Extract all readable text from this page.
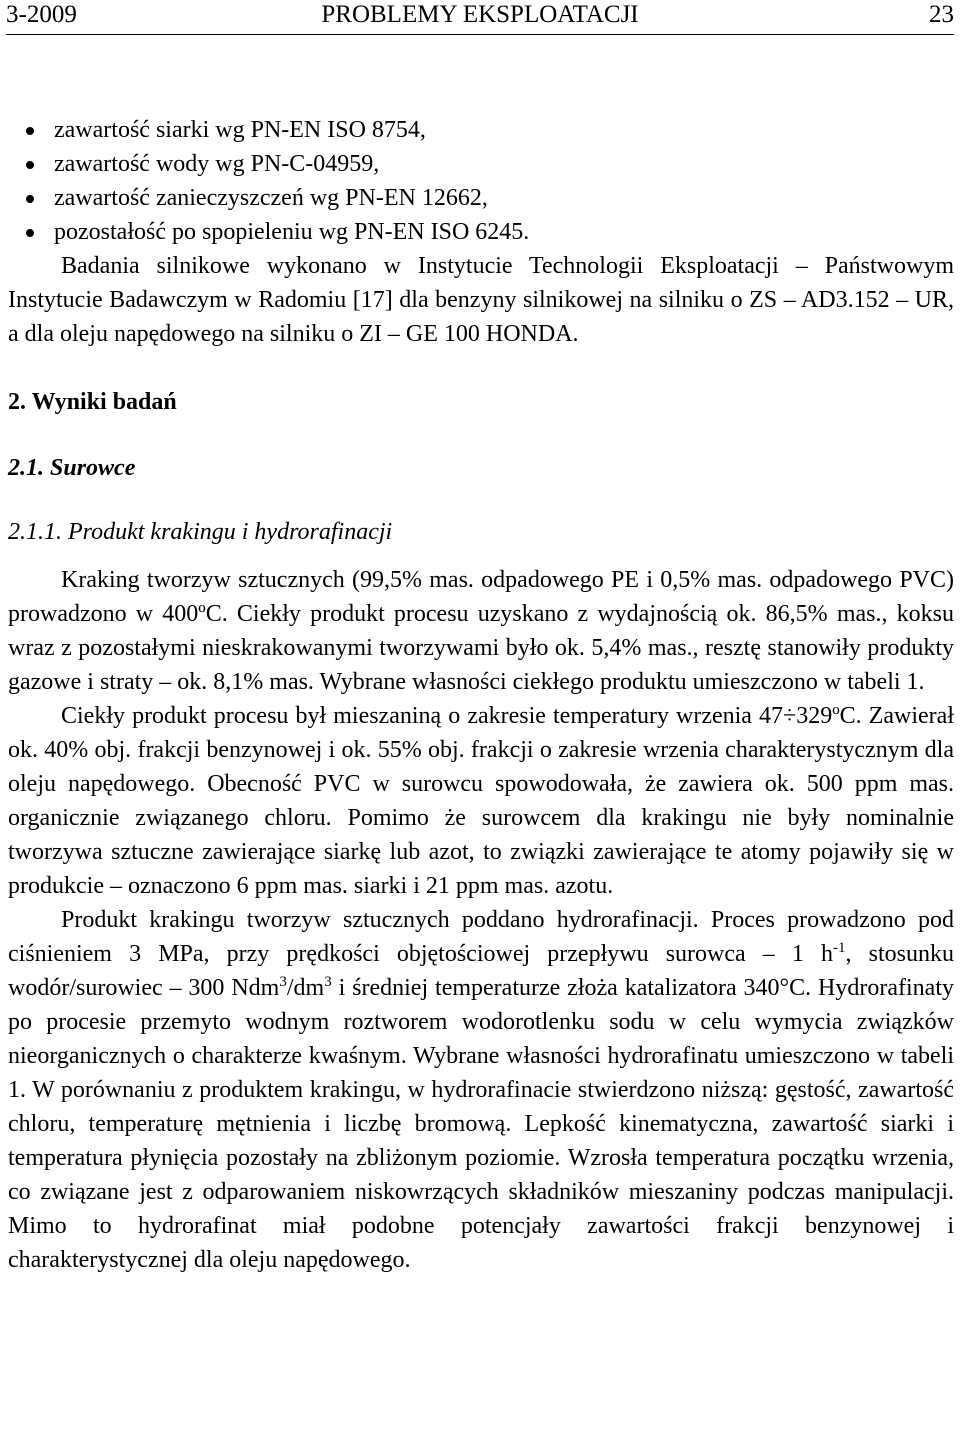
3-2009	PROBLEMY EKSPLOATACJI	23
zawartość siarki wg PN-EN ISO 8754,
zawartość wody wg PN-C-04959,
zawartość zanieczyszczeń wg PN-EN 12662,
pozostałość po spopieleniu wg PN-EN ISO 6245.

Badania silnikowe wykonano w Instytucie Technologii Eksploatacji – Państwowym Instytucie Badawczym w Radomiu [17] dla benzyny silnikowej na silniku o ZS – AD3.152 – UR, a dla oleju napędowego na silniku o ZI – GE 100 HONDA.

2. Wyniki badań
2.1. Surowce
2.1.1. Produkt krakingu i hydrorafinacji

Kraking tworzyw sztucznych (99,5% mas. odpadowego PE i 0,5% mas. odpadowego PVC) prowadzono w 400ºC. Ciekły produkt procesu uzyskano z wydajnością ok. 86,5% mas., koksu wraz z pozostałymi nieskrakowanymi tworzywami było ok. 5,4% mas., resztę stanowiły produkty gazowe i straty – ok. 8,1% mas. Wybrane własności ciekłego produktu umieszczono w tabeli 1.

Ciekły produkt procesu był mieszaniną o zakresie temperatury wrzenia 47÷329ºC. Zawierał ok. 40% obj. frakcji benzynowej i ok. 55% obj. frakcji o zakresie wrzenia charakterystycznym dla oleju napędowego. Obecność PVC w surowcu spowodowała, że zawiera ok. 500 ppm mas. organicznie związanego chloru. Pomimo że surowcem dla krakingu nie były nominalnie tworzywa sztuczne zawierające siarkę lub azot, to związki zawierające te atomy pojawiły się w produkcie – oznaczono 6 ppm mas. siarki i 21 ppm mas. azotu.

Produkt krakingu tworzyw sztucznych poddano hydrorafinacji. Proces prowadzono pod ciśnieniem 3 MPa, przy prędkości objętościowej przepływu surowca – 1 $h^{-1}$, stosunku wodór/surowiec – 300 $Ndm^3/dm^3$ i średniej temperaturze złoża katalizatora 340°C. Hydrorafinaty po procesie przemyto wodnym roztworem wodorotlenku sodu w celu wymycia związków nieorganicznych o charakterze kwaśnym. Wybrane własności hydrorafinatu umieszczono w tabeli 1. W porównaniu z produktem krakingu, w hydrorafinacie stwierdzono niższą: gęstość, zawartość chloru, temperaturę mętnienia i liczbę bromową. Lepkość kinematyczna, zawartość siarki i temperatura płynięcia pozostały na zbliżonym poziomie. Wzrosła temperatura początku wrzenia, co związane jest z odparowaniem niskowrzących składników mieszaniny podczas manipulacji. Mimo to hydrorafinat miał podobne potencjały zawartości frakcji benzynowej i charakterystycznej dla oleju napędowego.
